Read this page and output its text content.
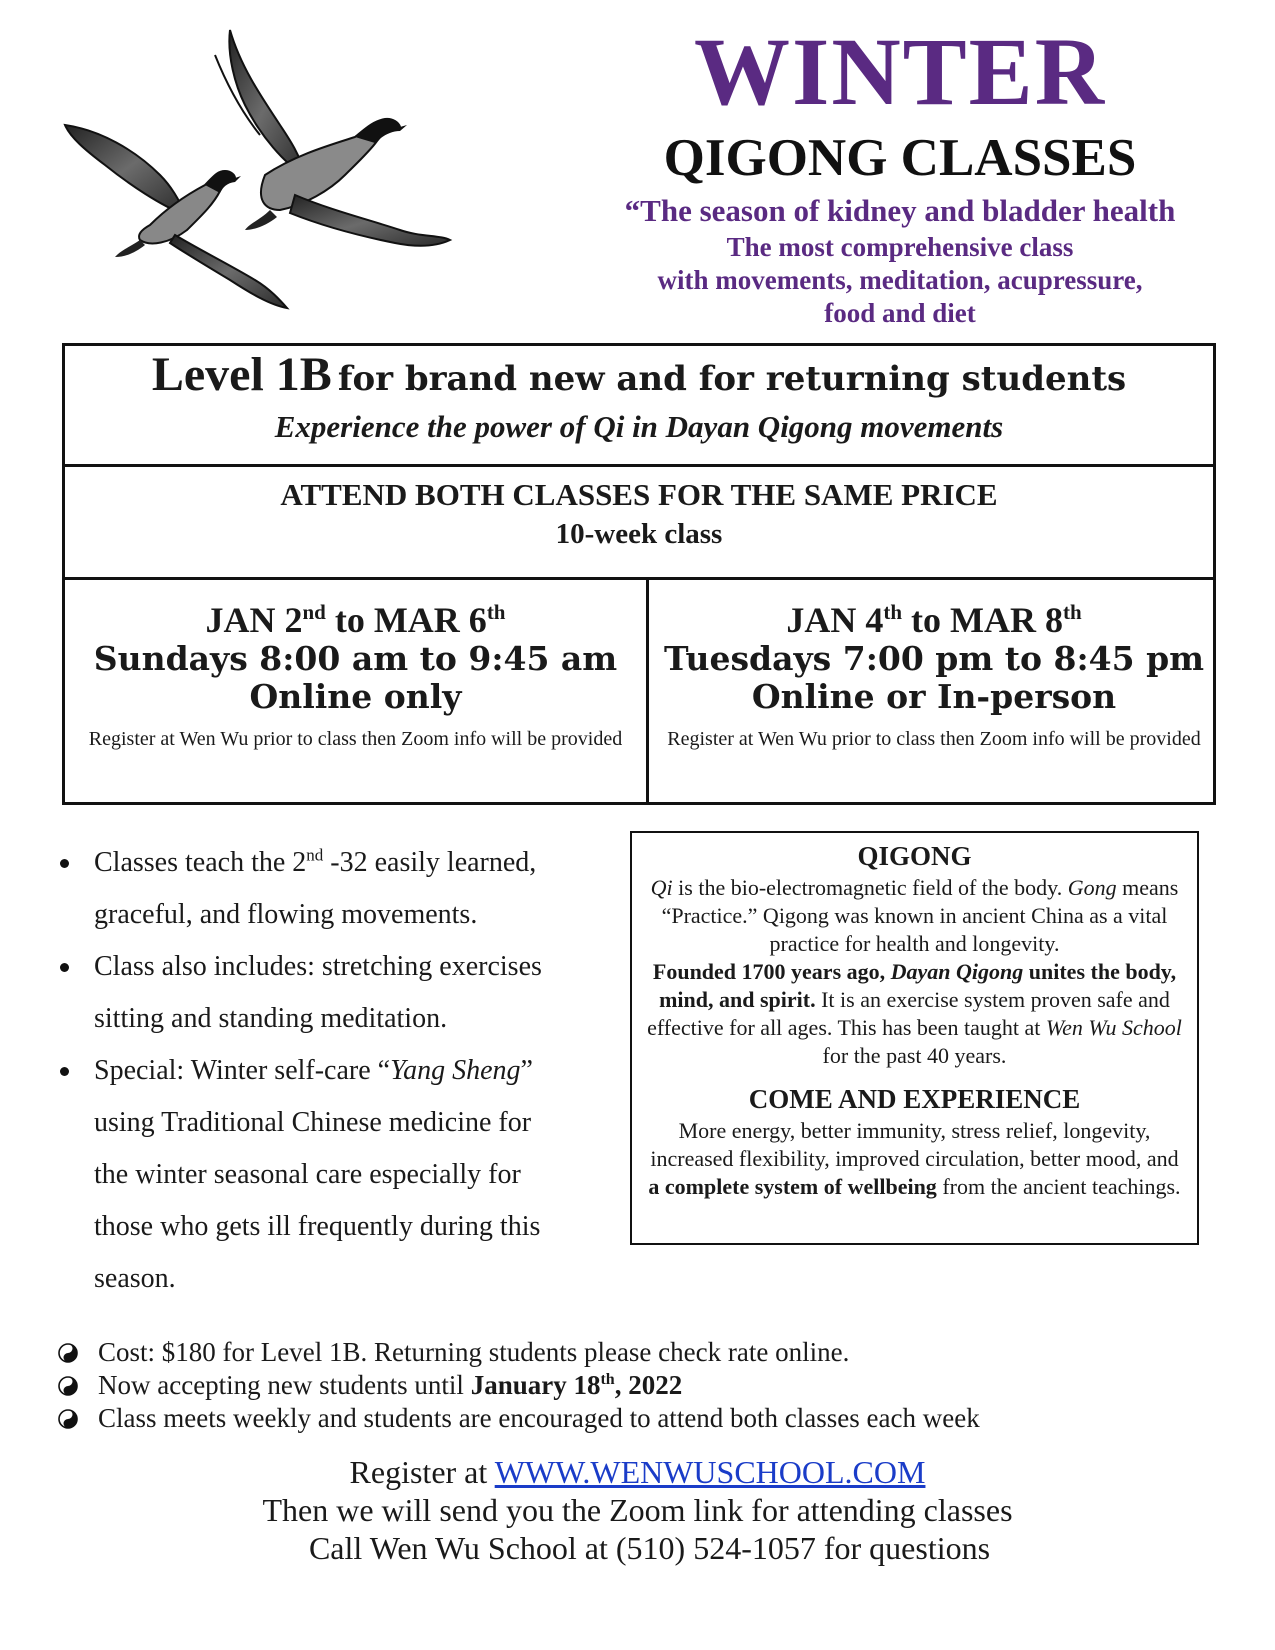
WINTER
QIGONG CLASSES
“The season of kidney and bladder health
The most comprehensive class
with movements, meditation, acupressure,
food and diet
Level 1B for brand new and for returning students
Experience the power of Qi in Dayan Qigong movements
ATTEND BOTH CLASSES FOR THE SAME PRICE
10-week class
JAN 2nd to MAR 6th
Sundays 8:00 am to 9:45 am
Online only
Register at Wen Wu prior to class then Zoom info will be provided
JAN 4th to MAR 8th
Tuesdays 7:00 pm to 8:45 pm
Online or In-person
Register at Wen Wu prior to class then Zoom info will be provided
Classes teach the 2nd -32 easily learned, graceful, and flowing movements.
Class also includes: stretching exercises sitting and standing meditation.
Special: Winter self-care “Yang Sheng” using Traditional Chinese medicine for the winter seasonal care especially for those who gets ill frequently during this season.
QIGONG
Qi is the bio-electromagnetic field of the body. Gong means “Practice.” Qigong was known in ancient China as a vital practice for health and longevity.
Founded 1700 years ago, Dayan Qigong unites the body, mind, and spirit. It is an exercise system proven safe and effective for all ages. This has been taught at Wen Wu School for the past 40 years.
COME AND EXPERIENCE
More energy, better immunity, stress relief, longevity, increased flexibility, improved circulation, better mood, and a complete system of wellbeing from the ancient teachings.
Cost: $180 for Level 1B. Returning students please check rate online.
Now accepting new students until January 18th, 2022
Class meets weekly and students are encouraged to attend both classes each week
Register at WWW.WENWUSCHOOL.COM
Then we will send you the Zoom link for attending classes
Call Wen Wu School at (510) 524-1057 for questions
